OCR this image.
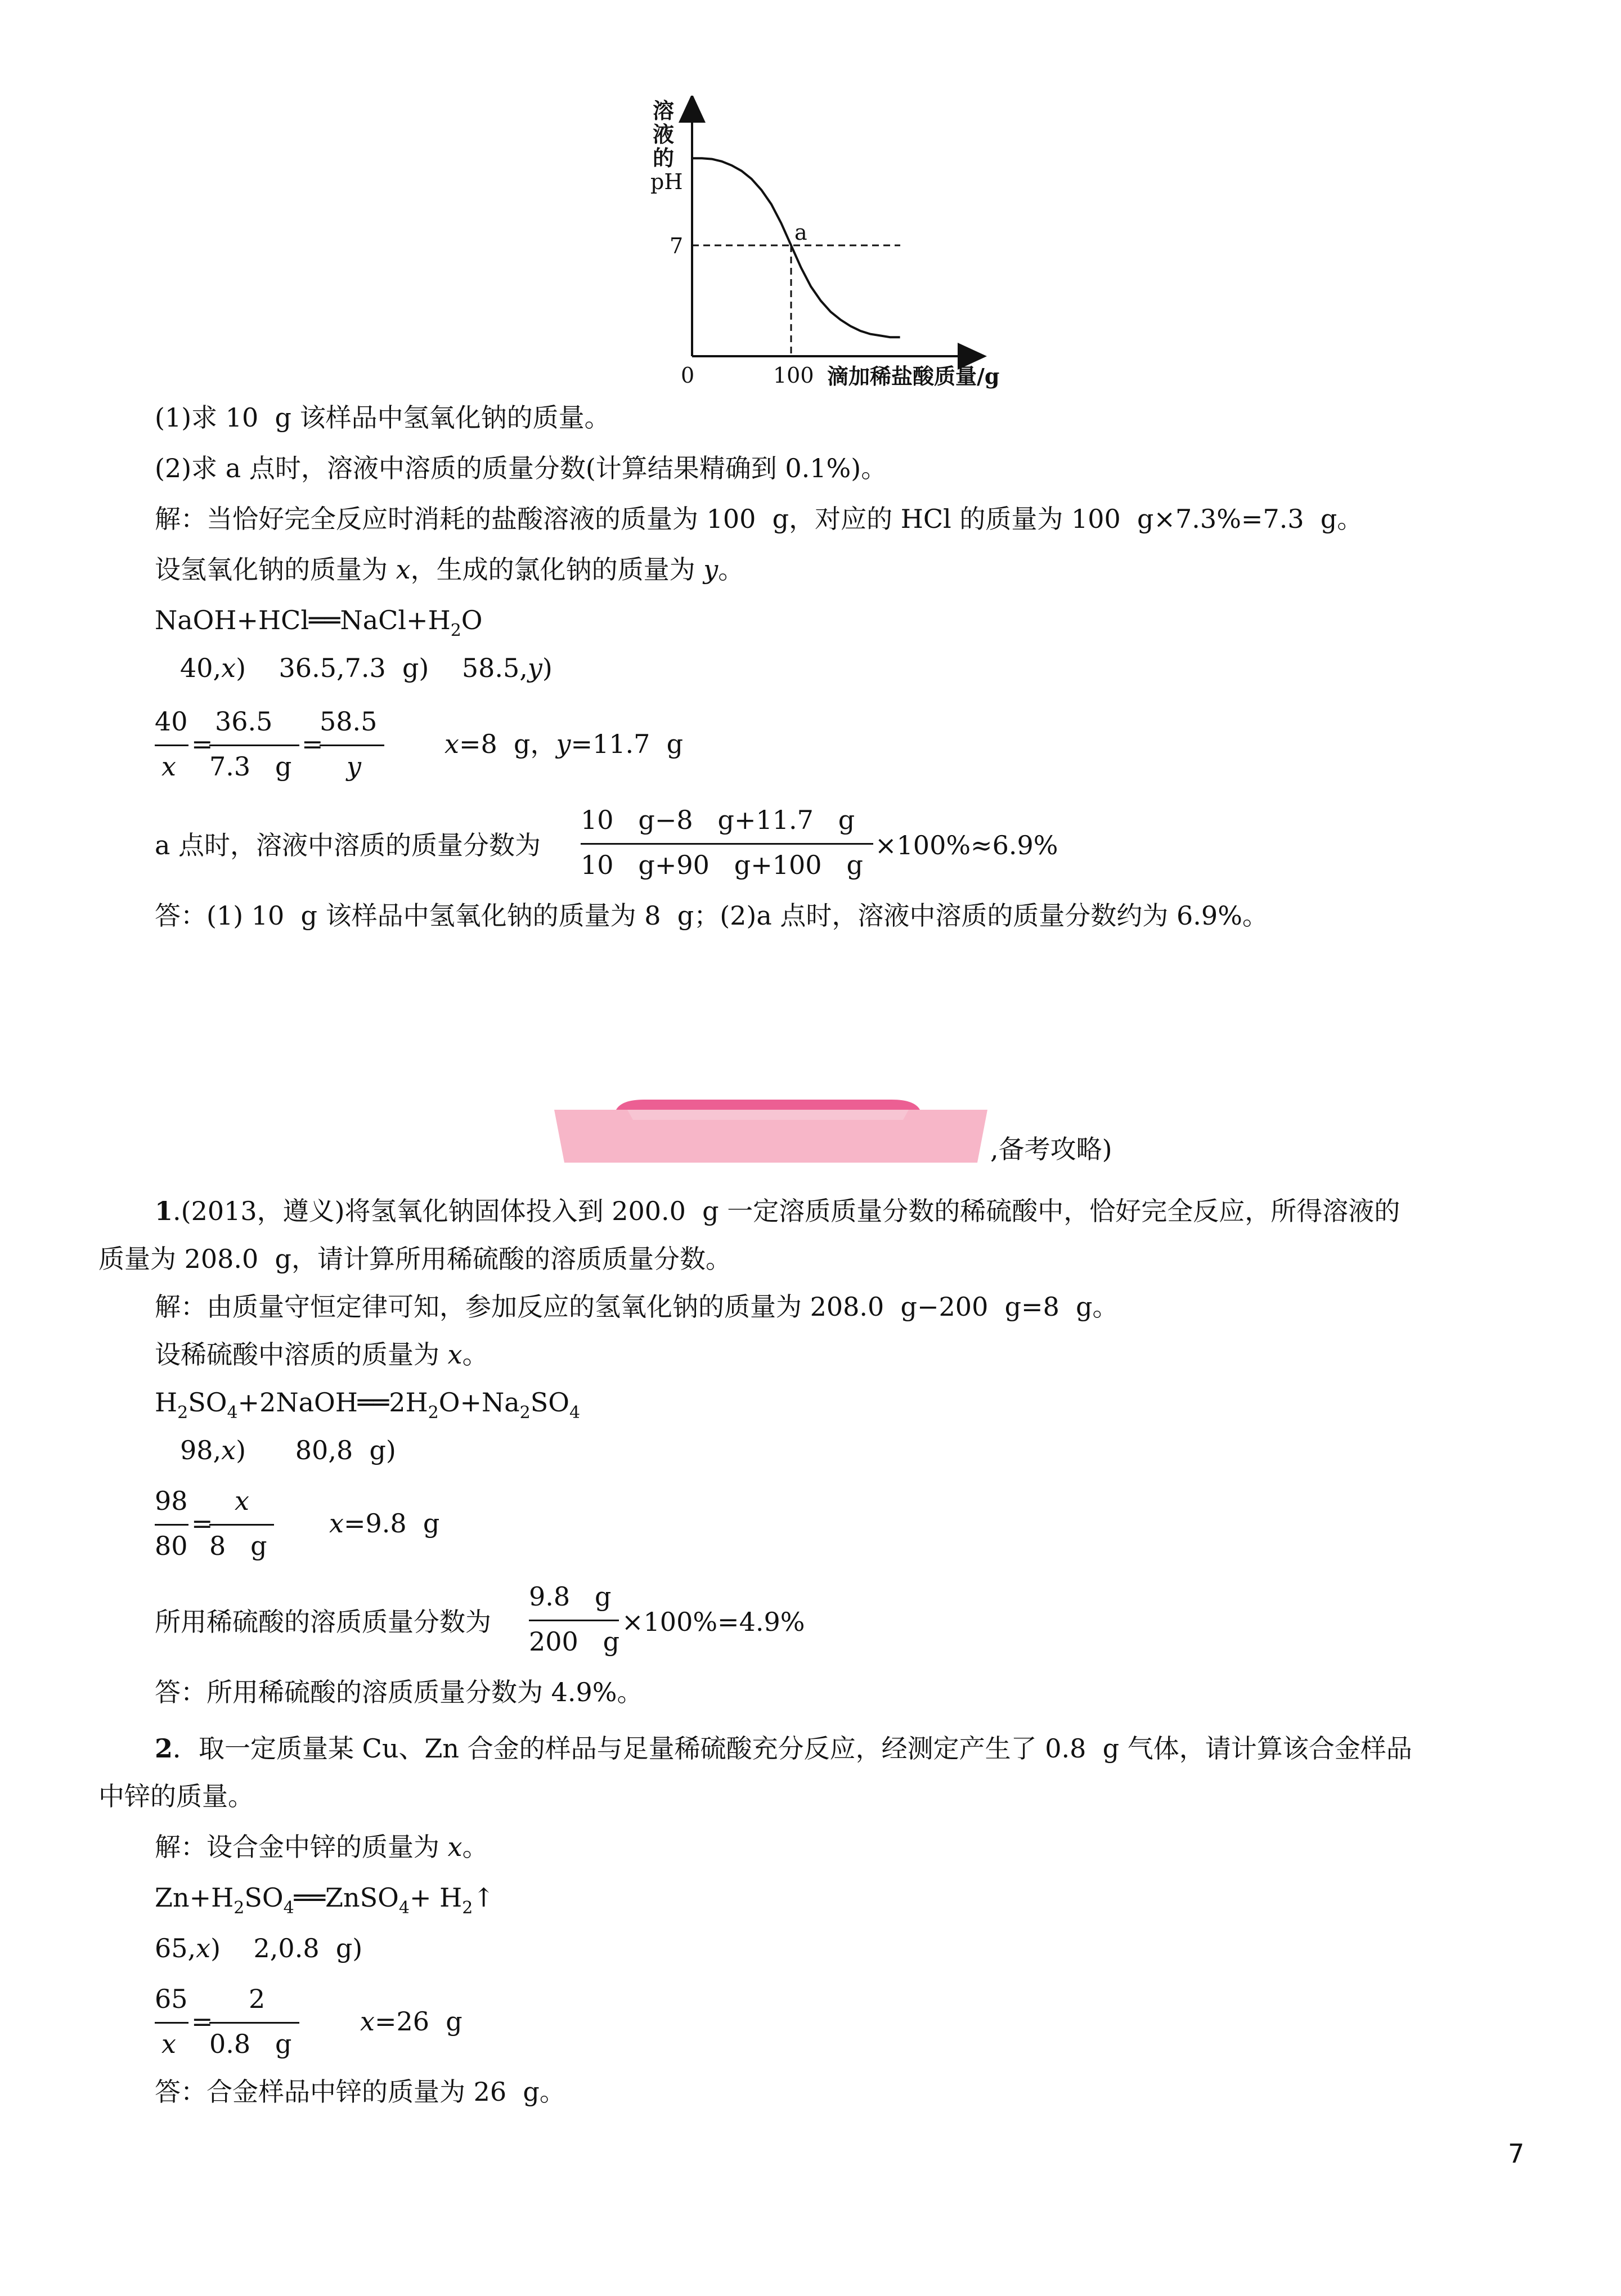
溶
液
的
pH
7
0	100 滴加稀盐酸质量/g
a
(1)求 10  g 该样品中氢氧化钠的质量。
(2)求 a 点时，溶液中溶质的质量分数(计算结果精确到 0.1%)。
解：当恰好完全反应时消耗的盐酸溶液的质量为 100  g，对应的 HCl 的质量为 100  g×7.3%=7.3  g。
设氢氧化钠的质量为 x，生成的氯化钠的质量为 y。
$NaOH+HCl══NaCl+H_2O$
40,x)    36.5,7.3  g)    58.5,y)
40
x
=
36.5
7.3   g
=
58.5
y
x=8  g，y=11.7  g
a 点时，溶液中溶质的质量分数为
10   g−8   g+11.7   g
10   g+90   g+100   g
×100%≈6.9%
答：(1) 10  g 该样品中氢氧化钠的质量为 8  g；(2)a 点时，溶液中溶质的质量分数约为 6.9%。
,备考攻略)
1.(2013，遵义)将氢氧化钠固体投入到 200.0  g 一定溶质质量分数的稀硫酸中，恰好完全反应，所得溶液的
质量为 208.0  g，请计算所用稀硫酸的溶质质量分数。
解：由质量守恒定律可知，参加反应的氢氧化钠的质量为 208.0  g−200  g=8  g。
设稀硫酸中溶质的质量为 x。
$H_2SO_4+2NaOH══2H_2O+Na_2SO_4$
98,x)      80,8  g)
98
80
=
x
8   g
x=9.8  g
所用稀硫酸的溶质质量分数为
9.8   g
200   g
×100%=4.9%
答：所用稀硫酸的溶质质量分数为 4.9%。
2．取一定质量某 Cu、Zn 合金的样品与足量稀硫酸充分反应，经测定产生了 0.8  g 气体，请计算该合金样品
中锌的质量。
解：设合金中锌的质量为 x。
$Zn+H_2SO_4══ZnSO_4+$ $H_2↑$
65,x)    2,0.8  g)
65
x
=
2
0.8   g
x=26  g
答：合金样品中锌的质量为 26  g。
7
